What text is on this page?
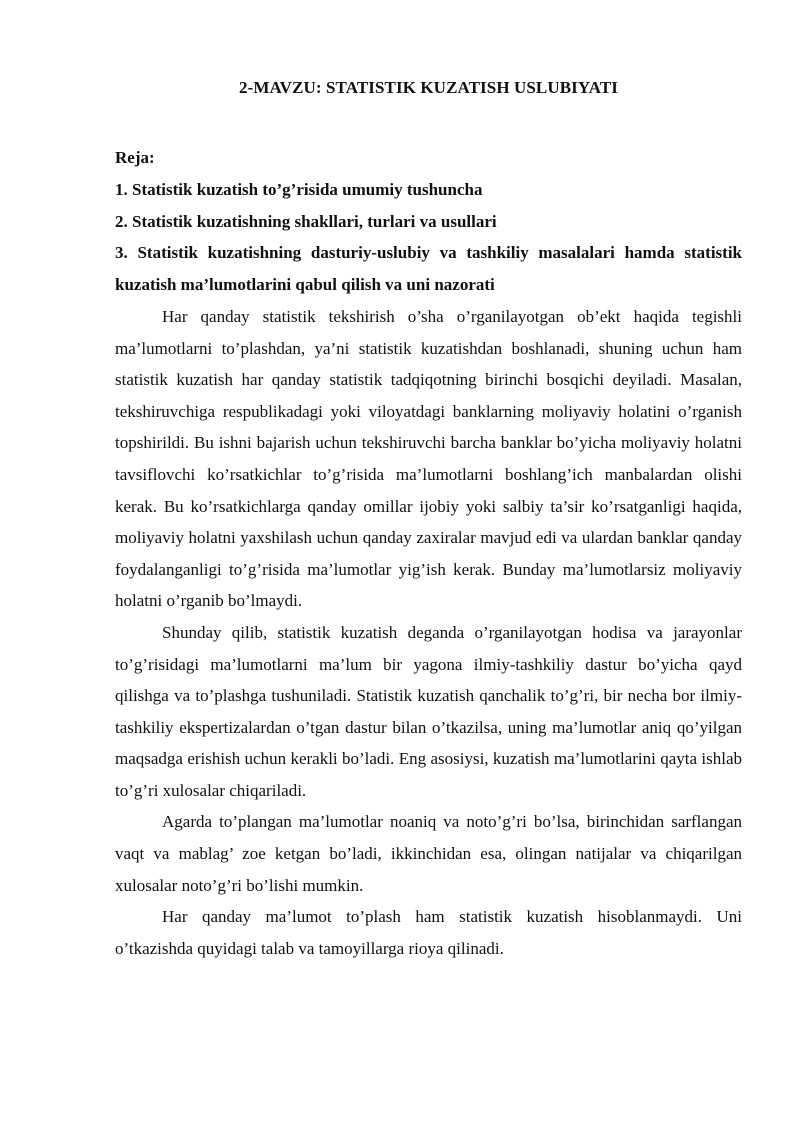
2-MAVZU: STATISTIK KUZATISH USLUBIYATI

Reja:

1. Statistik kuzatish to’g’risida umumiy tushuncha

2. Statistik kuzatishning shakllari, turlari va usullari

3. Statistik kuzatishning dasturiy-uslubiy va tashkiliy masalalari hamda statistik kuzatish ma’lumotlarini qabul qilish va uni nazorati

Har qanday statistik tekshirish o’sha o’rganilayotgan ob’ekt haqida tegishli ma’lumotlarni to’plashdan, ya’ni statistik kuzatishdan boshlanadi, shuning uchun ham statistik kuzatish har qanday statistik tadqiqotning birinchi bosqichi deyiladi. Masalan, tekshiruvchiga respublikadagi yoki viloyatdagi banklarning moliyaviy holatini o’rganish topshirildi. Bu ishni bajarish uchun tekshiruvchi barcha banklar bo’yicha moliyaviy holatni tavsiflovchi ko’rsatkichlar to’g’risida ma’lumotlarni boshlang’ich manbalardan olishi kerak. Bu ko’rsatkichlarga qanday omillar ijobiy yoki salbiy ta’sir ko’rsatganligi haqida, moliyaviy holatni yaxshilash uchun qanday zaxiralar mavjud edi va ulardan banklar qanday foydalanganligi to’g’risida ma’lumotlar yig’ish kerak. Bunday ma’lumotlarsiz moliyaviy holatni o’rganib bo’lmaydi.

Shunday qilib, statistik kuzatish deganda o’rganilayotgan hodisa va jarayonlar to’g’risidagi ma’lumotlarni ma’lum bir yagona ilmiy-tashkiliy dastur bo’yicha qayd qilishga va to’plashga tushuniladi. Statistik kuzatish qanchalik to’g’ri, bir necha bor ilmiy-tashkiliy ekspertizalardan o’tgan dastur bilan o’tkazilsa, uning ma’lumotlar aniq qo’yilgan maqsadga erishish uchun kerakli bo’ladi. Eng asosiysi, kuzatish ma’lumotlarini qayta ishlab to’g’ri xulosalar chiqariladi.

Agarda to’plangan ma’lumotlar noaniq va noto’g’ri bo’lsa, birinchidan sarflangan vaqt va mablag’ zoe ketgan bo’ladi, ikkinchidan esa, olingan natijalar va chiqarilgan xulosalar noto’g’ri bo’lishi mumkin.

Har qanday ma’lumot to’plash ham statistik kuzatish hisoblanmaydi. Uni o’tkazishda quyidagi talab va tamoyillarga rioya qilinadi.
